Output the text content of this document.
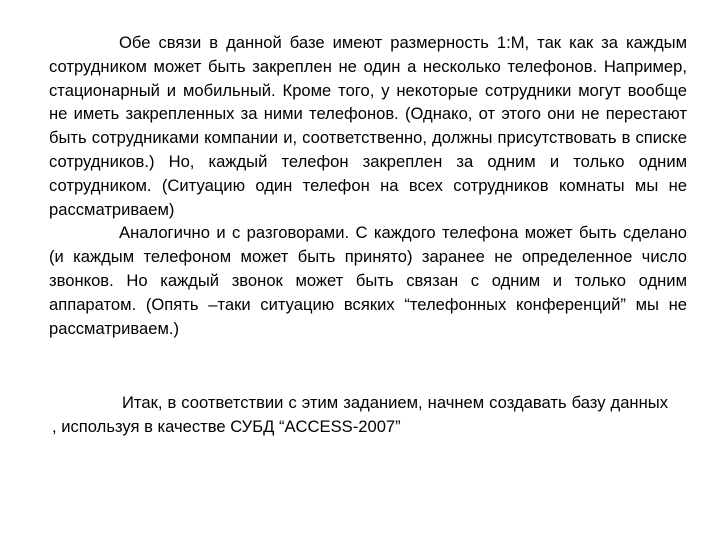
Обе связи в данной базе имеют размерность 1:М, так как за каждым сотрудником может быть закреплен не один а несколько телефонов. Например, стационарный и мобильный. Кроме того, у некоторые сотрудники могут вообще не иметь закрепленных за ними телефонов. (Однако, от этого они не перестают быть сотрудниками компании и, соответственно, должны присутствовать в списке сотрудников.) Но, каждый телефон закреплен за одним и только одним сотрудником. (Ситуацию один телефон на всех сотрудников комнаты мы не рассматриваем)

Аналогично и с разговорами. С каждого телефона может быть сделано (и каждым телефоном может быть принято) заранее не определенное число звонков. Но каждый звонок может быть связан с одним и только одним аппаратом. (Опять –таки ситуацию всяких “телефонных конференций” мы не рассматриваем.)

Итак, в соответствии с этим заданием, начнем создавать базу данных , используя в качестве СУБД “ACCESS-2007”
